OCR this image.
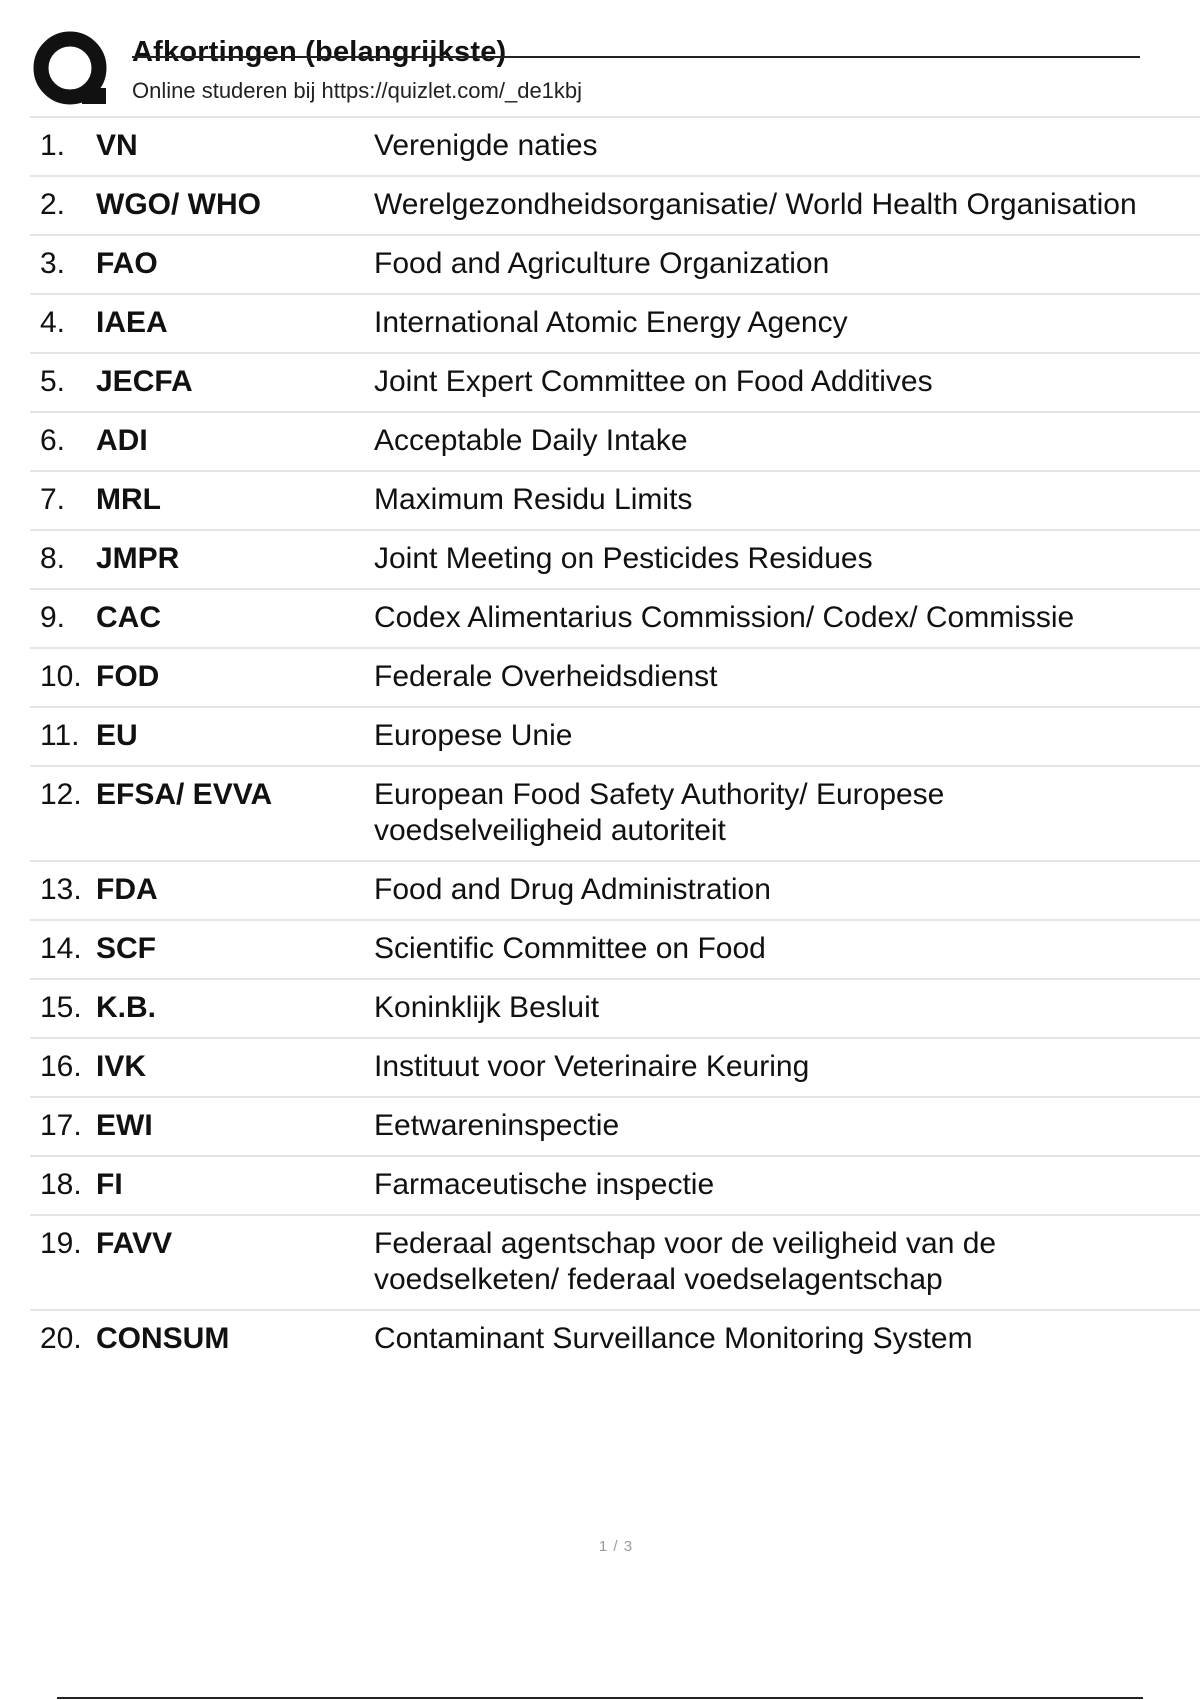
Afkortingen (belangrijkste)
Online studeren bij https://quizlet.com/_de1kbj
1.	VN	Verenigde naties
2.	WGO/ WHO	Werelgezondheidsorganisatie/ World Health Organisation
3.	FAO	Food and Agriculture Organization
4.	IAEA	International Atomic Energy Agency
5.	JECFA	Joint Expert Committee on Food Additives
6.	ADI	Acceptable Daily Intake
7.	MRL	Maximum Residu Limits
8.	JMPR	Joint Meeting on Pesticides Residues
9.	CAC	Codex Alimentarius Commission/ Codex/ Commissie
10. FOD	Federale Overheidsdienst
11. EU	Europese Unie
12. EFSA/ EVVA	European Food Safety Authority/ Europese voedselveiligheid autoriteit
13. FDA	Food and Drug Administration
14. SCF	Scientific Committee on Food
15. K.B.	Koninklijk Besluit
16. IVK	Instituut voor Veterinaire Keuring
17. EWI	Eetwareninspectie
18. FI	Farmaceutische inspectie
19. FAVV	Federaal agentschap voor de veiligheid van de voedselketen/ federaal voedselagentschap
20. CONSUM	Contaminant Surveillance Monitoring System
1 / 3
